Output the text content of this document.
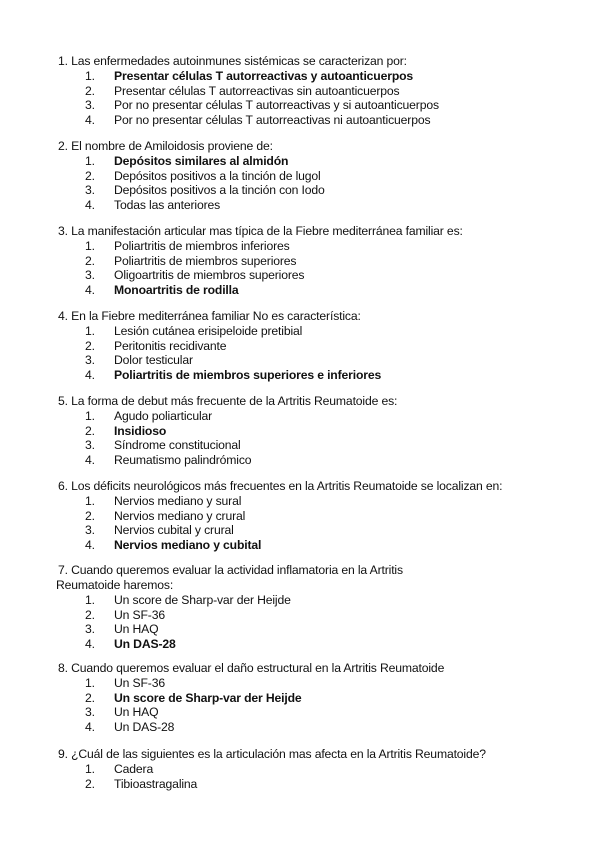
1. Las enfermedades autoinmunes sistémicas se caracterizan por:
1. Presentar células T autorreactivas y autoanticuerpos
2. Presentar células T autorreactivas sin autoanticuerpos
3. Por no presentar células T autorreactivas y si autoanticuerpos
4. Por no presentar células T autorreactivas ni autoanticuerpos
2. El nombre de Amiloidosis proviene de:
1. Depósitos similares al almidón
2. Depósitos positivos a la tinción de lugol
3. Depósitos positivos a la tinción con Iodo
4. Todas las anteriores
3. La manifestación articular mas típica de la Fiebre mediterránea familiar es:
1. Poliartritis de miembros inferiores
2. Poliartritis de miembros superiores
3. Oligoartritis de miembros superiores
4. Monoartritis de rodilla
4. En la Fiebre mediterránea familiar No es característica:
1. Lesión cutánea erisipeloide pretibial
2. Peritonitis recidivante
3. Dolor testicular
4. Poliartritis de miembros superiores e inferiores
5. La forma de debut más frecuente de la Artritis Reumatoide es:
1. Agudo poliarticular
2. Insidioso
3. Síndrome constitucional
4. Reumatismo palindrómico
6. Los déficits neurológicos más frecuentes en la Artritis Reumatoide se localizan en:
1. Nervios mediano y sural
2. Nervios mediano y crural
3. Nervios cubital y crural
4. Nervios mediano y cubital
7. Cuando queremos evaluar la actividad inflamatoria en la Artritis
Reumatoide haremos:
1. Un score de Sharp-var der Heijde
2. Un SF-36
3. Un HAQ
4. Un DAS-28
8. Cuando queremos evaluar el daño estructural en la Artritis Reumatoide
1. Un SF-36
2. Un score de Sharp-var der Heijde
3. Un HAQ
4. Un DAS-28
9. ¿Cuál de las siguientes es la articulación mas afecta en la Artritis Reumatoide?
1. Cadera
2. Tibioastragalina
